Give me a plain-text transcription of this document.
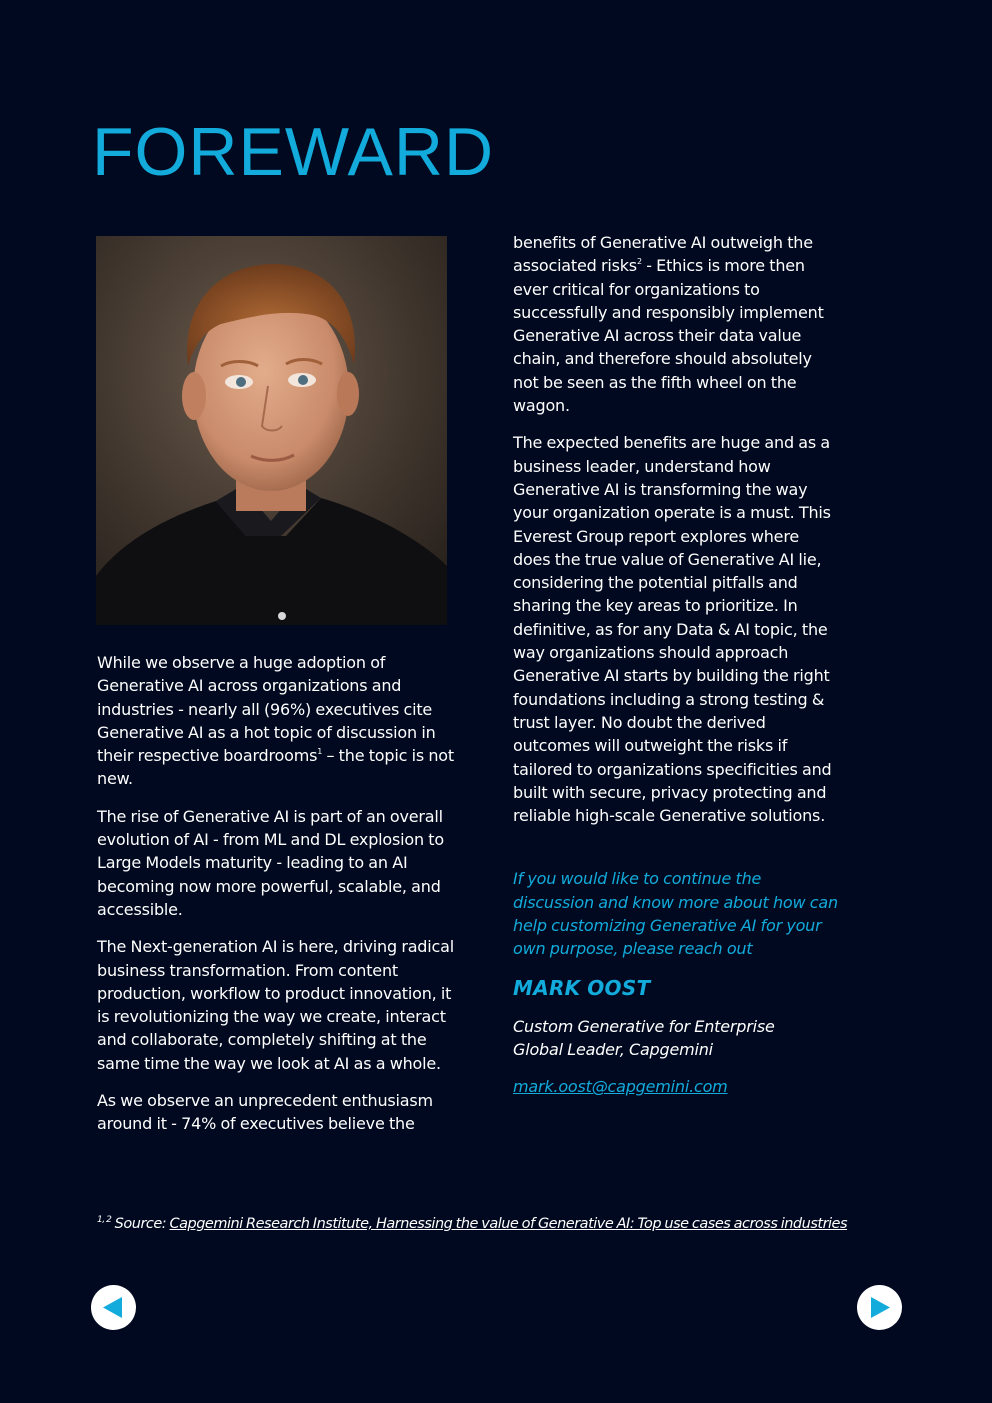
FOREWARD

While we observe a huge adoption of Generative AI across organizations and industries - nearly all (96%) executives cite Generative AI as a hot topic of discussion in their respective boardrooms$^1$ – the topic is not new.

The rise of Generative AI is part of an overall evolution of AI - from ML and DL explosion to Large Models maturity - leading to an AI becoming now more powerful, scalable, and accessible.

The Next-generation AI is here, driving radical business transformation. From content production, workflow to product innovation, it is revolutionizing the way we create, interact and collaborate, completely shifting at the same time the way we look at AI as a whole.

As we observe an unprecedent enthusiasm around it - 74% of executives believe the

benefits of Generative AI outweigh the associated risks$^2$ - Ethics is more then ever critical for organizations to successfully and responsibly implement Generative AI across their data value chain, and therefore should absolutely not be seen as the fifth wheel on the wagon.

The expected benefits are huge and as a business leader, understand how Generative AI is transforming the way your organization operate is a must. This Everest Group report explores where does the true value of Generative AI lie, considering the potential pitfalls and sharing the key areas to prioritize. In definitive, as for any Data & AI topic, the way organizations should approach Generative AI starts by building the right foundations including a strong testing & trust layer. No doubt the derived outcomes will outweight the risks if tailored to organizations specificities and built with secure, privacy protecting and reliable high-scale Generative solutions.

If you would like to continue the discussion and know more about how can help customizing Generative AI for your own purpose, please reach out

MARK OOST

Custom Generative for Enterprise
Global Leader, Capgemini

mark.oost@capgemini.com

$^{1, 2}$ Source: Capgemini Research Institute, Harnessing the value of Generative AI: Top use cases across industries
